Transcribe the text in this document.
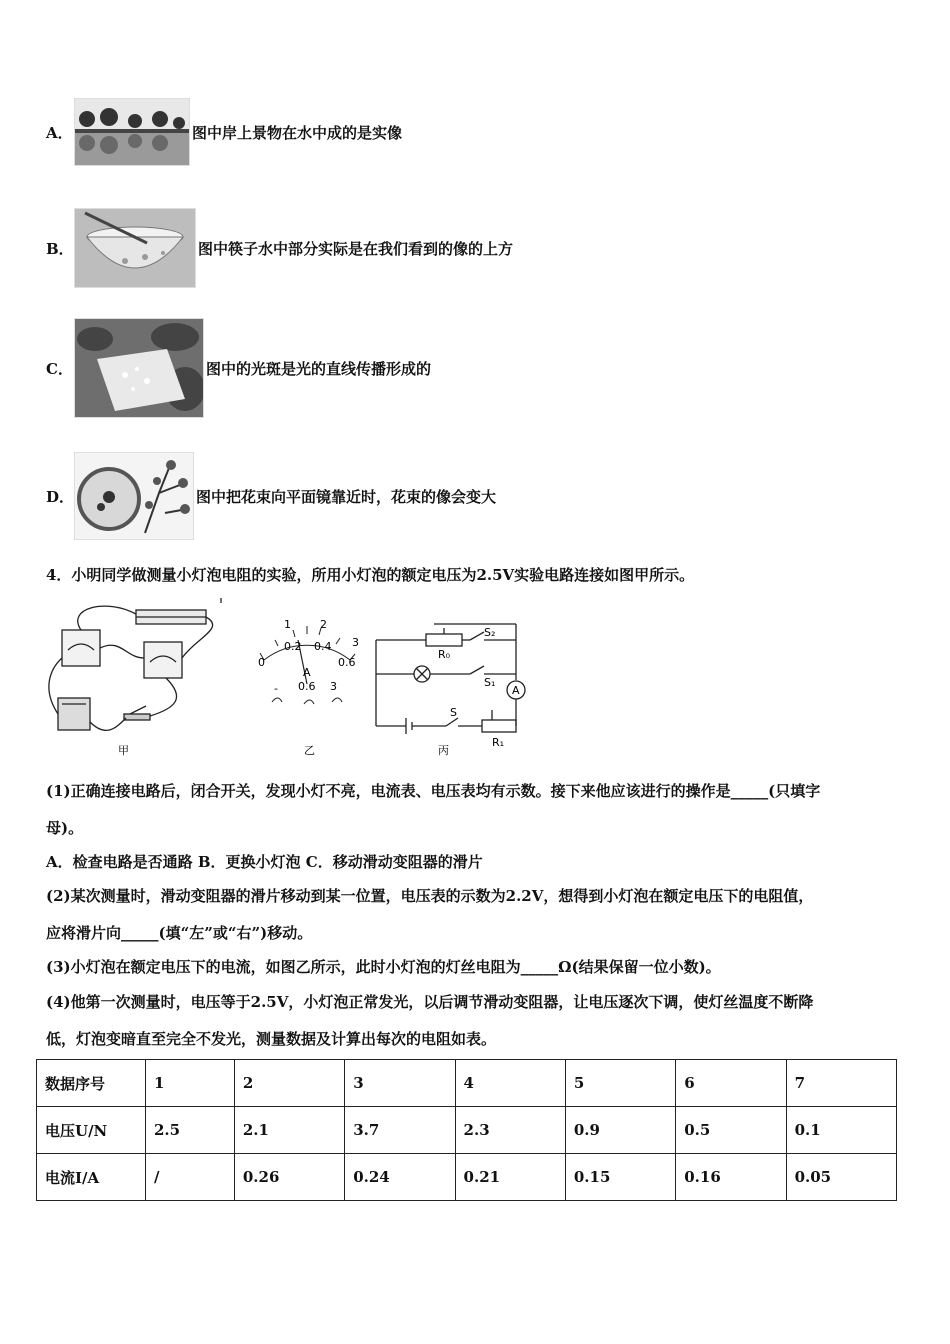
A．	图中岸上景物在水中成的是实像
B．	图中筷子水中部分实际是在我们看到的像的上方
C．	图中的光斑是光的直线传播形成的
D．	图中把花束向平面镜靠近时，花束的像会变大
4．小明同学做测量小灯泡电阻的实验，所用小灯泡的额定电压为2.5V实验电路连接如图甲所示。
甲
1	2
3
0
0.2 0.4
0.6
A
- 0.6 3
乙
S₂
R₀
S₁
A
S
R₁
丙
(1)正确连接电路后，闭合开关，发现小灯不亮，电流表、电压表均有示数。接下来他应该进行的操作是_____(只填字
母)。
A．检查电路是否通路 B．更换小灯泡 C．移动滑动变阻器的滑片
(2)某次测量时，滑动变阻器的滑片移动到某一位置，电压表的示数为2.2V，想得到小灯泡在额定电压下的电阻值，
应将滑片向_____(填“左”或“右”)移动。
(3)小灯泡在额定电压下的电流，如图乙所示，此时小灯泡的灯丝电阻为_____Ω(结果保留一位小数)。
(4)他第一次测量时，电压等于2.5V，小灯泡正常发光，以后调节滑动变阻器，让电压逐次下调，使灯丝温度不断降
低，灯泡变暗直至完全不发光，测量数据及计算出每次的电阻如表。
数据序号	1	2	3	4	5	6	7
电压U/N	2.5	2.1	3.7	2.3	0.9	0.5	0.1
电流I/A	/	0.26	0.24	0.21	0.15	0.16	0.05
